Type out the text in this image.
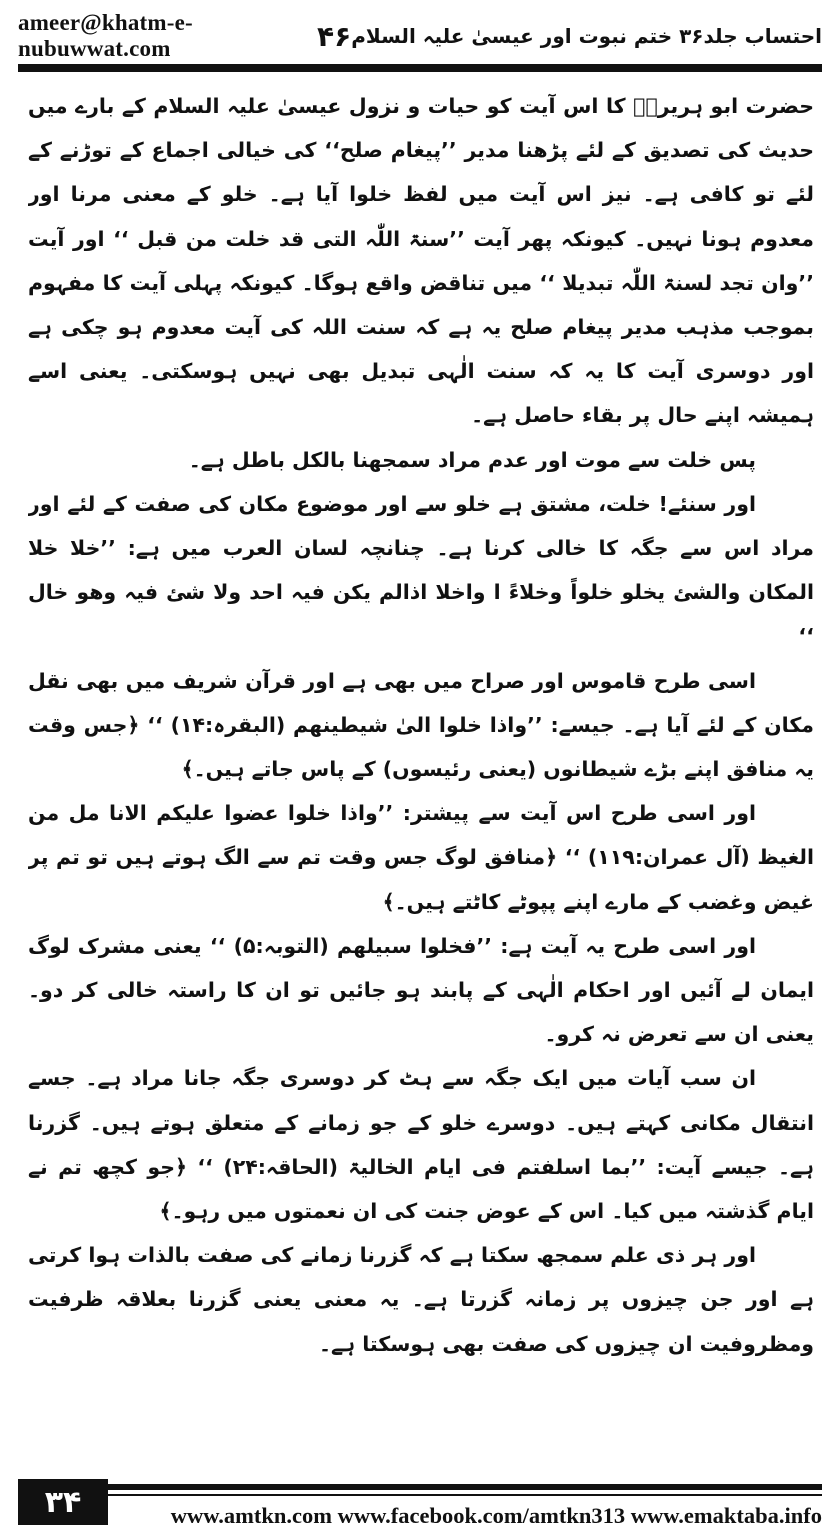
ameer@khatm-e-nubuwwat.com	۴۶ احتساب جلد۳۶ ختم نبوت اور عیسیٰ علیہ السلام

حضرت ابو ہریرہؓ کا اس آیت کو حیات و نزول عیسیٰ علیہ السلام کے بارے میں حدیث کی تصدیق کے لئے پڑھنا مدیر ’’پیغام صلح‘‘ کی خیالی اجماع کے توڑنے کے لئے تو کافی ہے۔ نیز اس آیت میں لفظ خلوا آیا ہے۔ خلو کے معنی مرنا اور معدوم ہونا نہیں۔ کیونکہ پھر آیت ’’سنۃ اللّٰہ التی قد خلت من قبل ‘‘ اور آیت ’’وان تجد لسنۃ اللّٰہ تبدیلا ‘‘ میں تناقض واقع ہوگا۔ کیونکہ پہلی آیت کا مفہوم بموجب مذہب مدیر پیغام صلح یہ ہے کہ سنت اللہ کی آیت معدوم ہو چکی ہے اور دوسری آیت کا یہ کہ سنت الٰہی تبدیل بھی نہیں ہوسکتی۔ یعنی اسے ہمیشہ اپنے حال پر بقاء حاصل ہے۔

پس خلت سے موت اور عدم مراد سمجھنا بالکل باطل ہے۔

اور سنئے! خلت، مشتق ہے خلو سے اور موضوع مکان کی صفت کے لئے اور مراد اس سے جگہ کا خالی کرنا ہے۔ چنانچہ لسان العرب میں ہے: ’’خلا خلا المکان والشئ یخلو خلواً وخلاءً ا واخلا اذالم یکن فیہ احد ولا شئ فیہ وھو خال ‘‘

اسی طرح قاموس اور صراح میں بھی ہے اور قرآن شریف میں بھی نقل مکان کے لئے آیا ہے۔ جیسے: ’’واذا خلوا الیٰ شیطینھم (البقرہ:۱۴) ‘‘ ﴿جس وقت یہ منافق اپنے بڑے شیطانوں (یعنی رئیسوں) کے پاس جاتے ہیں۔﴾

اور اسی طرح اس آیت سے پیشتر: ’’واذا خلوا عضوا علیکم الانا مل من الغیظ (آل عمران:۱۱۹) ‘‘ ﴿منافق لوگ جس وقت تم سے الگ ہوتے ہیں تو تم پر غیض وغضب کے مارے اپنے پپوٹے کاٹتے ہیں۔﴾

اور اسی طرح یہ آیت ہے: ’’فخلوا سبیلھم (التوبہ:۵) ‘‘ یعنی مشرک لوگ ایمان لے آئیں اور احکام الٰہی کے پابند ہو جائیں تو ان کا راستہ خالی کر دو۔ یعنی ان سے تعرض نہ کرو۔

ان سب آیات میں ایک جگہ سے ہٹ کر دوسری جگہ جانا مراد ہے۔ جسے انتقال مکانی کہتے ہیں۔ دوسرے خلو کے جو زمانے کے متعلق ہوتے ہیں۔ گزرنا ہے۔ جیسے آیت: ’’بما اسلفتم فی ایام الخالیۃ (الحاقہ:۲۴) ‘‘ ﴿جو کچھ تم نے ایام گذشتہ میں کیا۔ اس کے عوض جنت کی ان نعمتوں میں رہو۔﴾

اور ہر ذی علم سمجھ سکتا ہے کہ گزرنا زمانے کی صفت بالذات ہوا کرتی ہے اور جن چیزوں پر زمانہ گزرتا ہے۔ یہ معنی یعنی گزرنا بعلاقہ ظرفیت ومظروفیت ان چیزوں کی صفت بھی ہوسکتا ہے۔

۳۴	www.amtkn.com www.facebook.com/amtkn313 www.emaktaba.info
